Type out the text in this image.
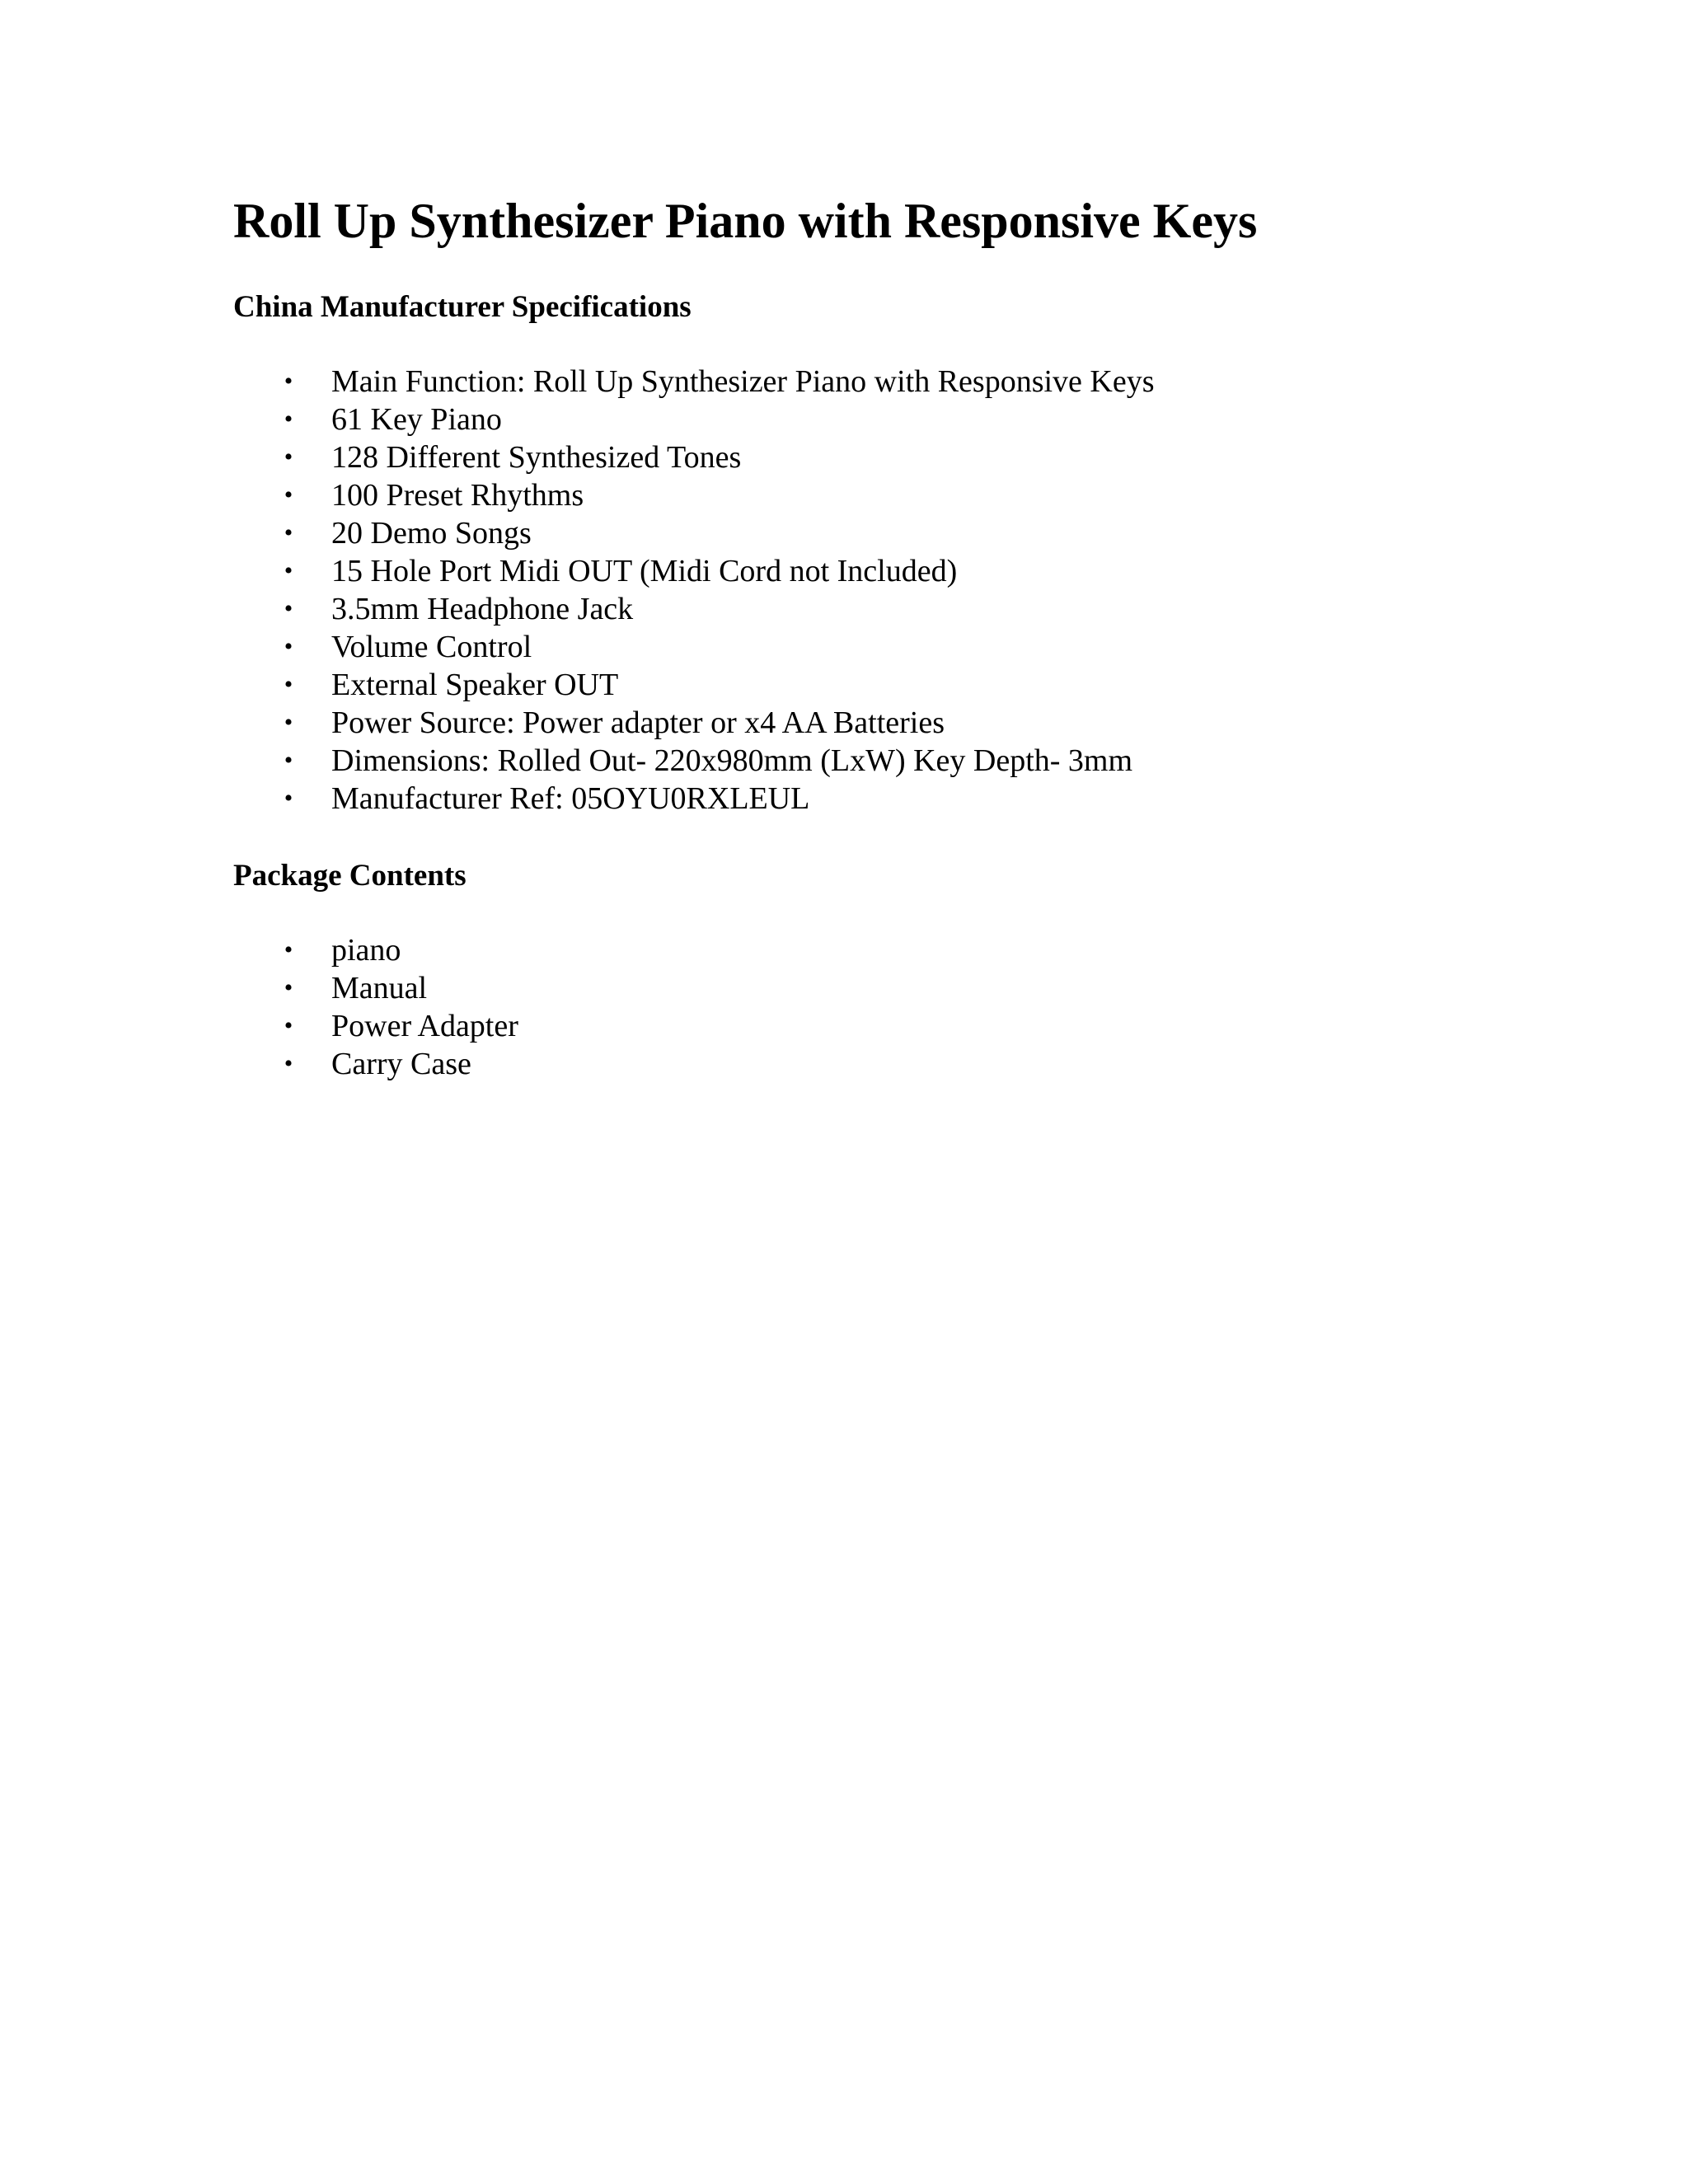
Roll Up Synthesizer Piano with Responsive Keys
China Manufacturer Specifications
• Main Function: Roll Up Synthesizer Piano with Responsive Keys
• 61 Key Piano
• 128 Different Synthesized Tones
• 100 Preset Rhythms
• 20 Demo Songs
• 15 Hole Port Midi OUT (Midi Cord not Included)
• 3.5mm Headphone Jack
• Volume Control
• External Speaker OUT
• Power Source: Power adapter or x4 AA Batteries
• Dimensions: Rolled Out- 220x980mm (LxW) Key Depth- 3mm
• Manufacturer Ref: 05OYU0RXLEUL
Package Contents
• piano
• Manual
• Power Adapter
• Carry Case
